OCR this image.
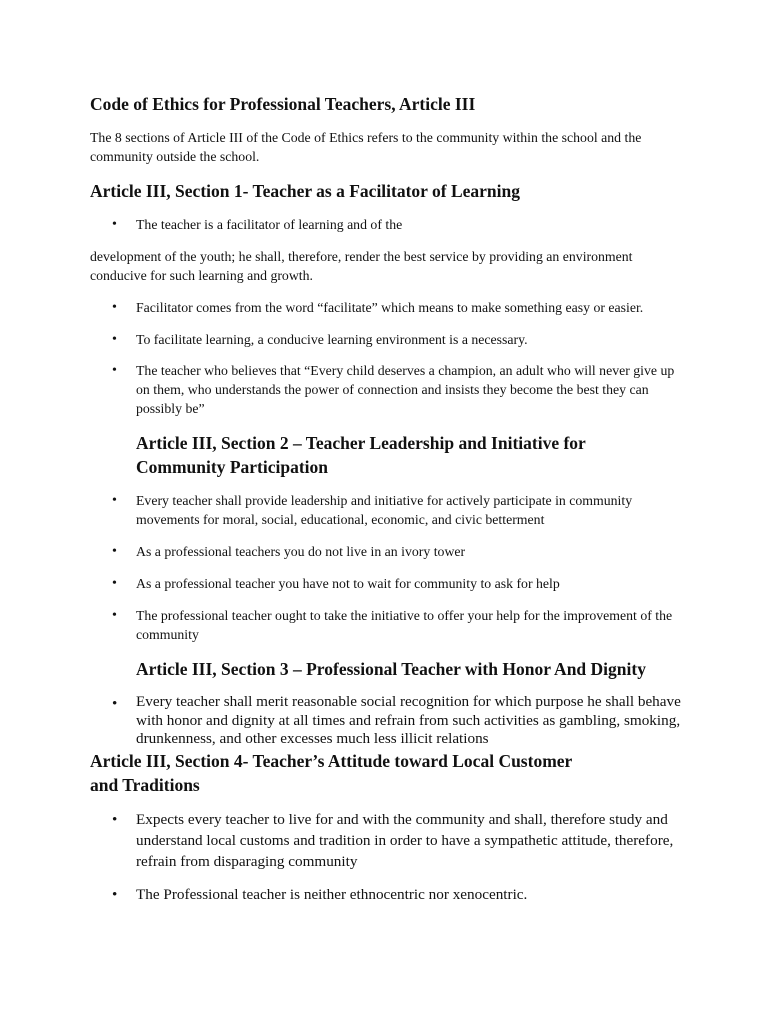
Code of Ethics for Professional Teachers, Article III

The 8 sections of Article III of the Code of Ethics refers to the community within the school and the community outside the school.

Article III, Section 1- Teacher as a Facilitator of Learning
• The teacher is a facilitator of learning and of the

development of the youth; he shall, therefore, render the best service by providing an environment conducive for such learning and growth.

• Facilitator comes from the word “facilitate” which means to make something easy or easier.

• To facilitate learning, a conducive learning environment is a necessary.

• The teacher who believes that “Every child deserves a champion, an adult who will never give up on them, who understands the power of connection and insists they become the best they can possibly be”

Article III, Section 2 – Teacher Leadership and Initiative for Community Participation
• Every teacher shall provide leadership and initiative for actively participate in community movements for moral, social, educational, economic, and civic betterment

• As a professional teachers you do not live in an ivory tower

• As a professional teacher you have not to wait for community to ask for help

• The professional teacher ought to take the initiative to offer your help for the improvement of the community

Article III, Section 3 – Professional Teacher with Honor And Dignity
• Every teacher shall merit reasonable social recognition for which purpose he shall behave with honor and dignity at all times and refrain from such activities as gambling, smoking, drunkenness, and other excesses much less illicit relations

Article III, Section 4- Teacher’s Attitude toward Local Customer and Traditions
• Expects every teacher to live for and with the community and shall, therefore study and understand local customs and tradition in order to have a sympathetic attitude, therefore, refrain from disparaging community

• The Professional teacher is neither ethnocentric nor xenocentric.
